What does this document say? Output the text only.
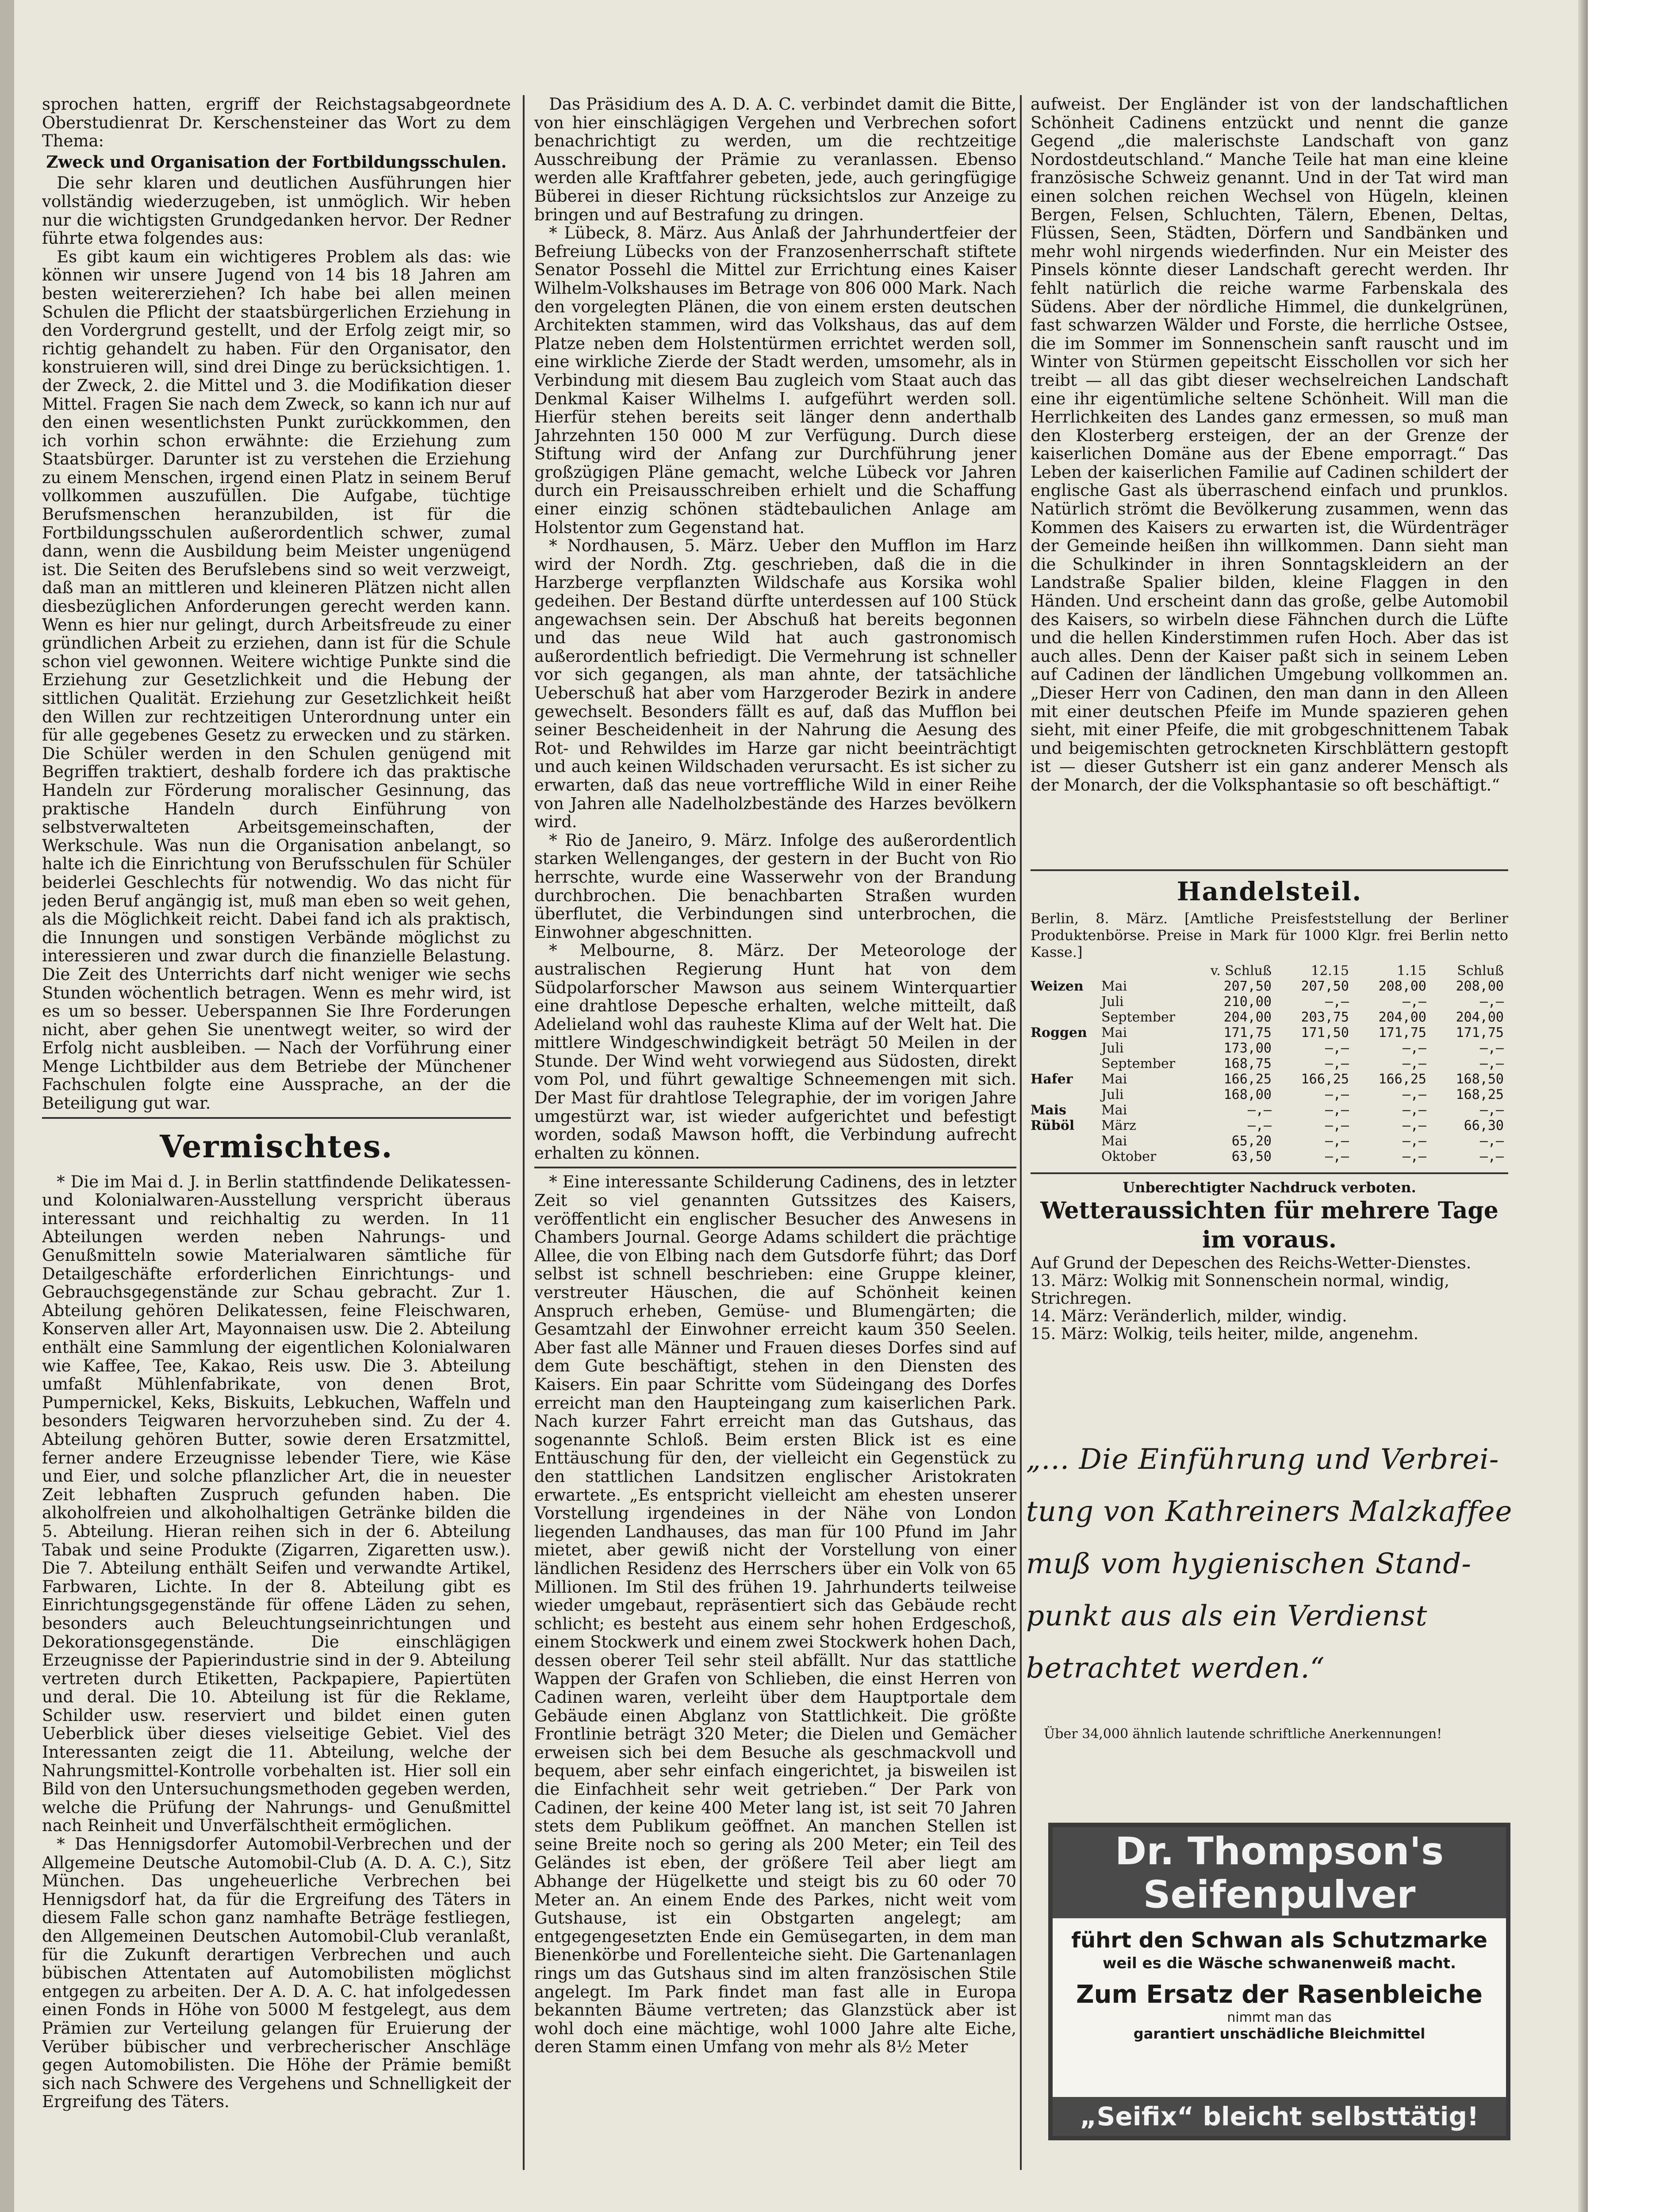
sprochen hatten, ergriff der Reichstagsabgeordnete Oberstudienrat Dr. Kerschensteiner das Wort zu dem Thema:

Zweck und Organisation der Fortbildungsschulen.

Die sehr klaren und deutlichen Ausführungen hier vollständig wiederzugeben, ist unmöglich. Wir heben nur die wichtigsten Grundgedanken hervor. Der Redner führte etwa folgendes aus:

Es gibt kaum ein wichtigeres Problem als das: wie können wir unsere Jugend von 14 bis 18 Jahren am besten weitererziehen? Ich habe bei allen meinen Schulen die Pflicht der staatsbürgerlichen Erziehung in den Vordergrund gestellt, und der Erfolg zeigt mir, so richtig gehandelt zu haben. Für den Organisator, den konstruieren will, sind drei Dinge zu berücksichtigen. 1. der Zweck, 2. die Mittel und 3. die Modifikation dieser Mittel. Fragen Sie nach dem Zweck, so kann ich nur auf den einen wesentlichsten Punkt zurückkommen, den ich vorhin schon erwähnte: die Erziehung zum Staatsbürger. Darunter ist zu verstehen die Erziehung zu einem Menschen, irgend einen Platz in seinem Beruf vollkommen auszufüllen. Die Aufgabe, tüchtige Berufsmenschen heranzubilden, ist für die Fortbildungsschulen außerordentlich schwer, zumal dann, wenn die Ausbildung beim Meister ungenügend ist. Die Seiten des Berufslebens sind so weit verzweigt, daß man an mittleren und kleineren Plätzen nicht allen diesbezüglichen Anforderungen gerecht werden kann. Wenn es hier nur gelingt, durch Arbeitsfreude zu einer gründlichen Arbeit zu erziehen, dann ist für die Schule schon viel gewonnen. Weitere wichtige Punkte sind die Erziehung zur Gesetzlichkeit und die Hebung der sittlichen Qualität. Erziehung zur Gesetzlichkeit heißt den Willen zur rechtzeitigen Unterordnung unter ein für alle gegebenes Gesetz zu erwecken und zu stärken. Die Schüler werden in den Schulen genügend mit Begriffen traktiert, deshalb fordere ich das praktische Handeln zur Förderung moralischer Gesinnung, das praktische Handeln durch Einführung von selbstverwalteten Arbeitsgemeinschaften, der Werkschule. Was nun die Organisation anbelangt, so halte ich die Einrichtung von Berufsschulen für Schüler beiderlei Geschlechts für notwendig. Wo das nicht für jeden Beruf angängig ist, muß man eben so weit gehen, als die Möglichkeit reicht. Dabei fand ich als praktisch, die Innungen und sonstigen Verbände möglichst zu interessieren und zwar durch die finanzielle Belastung. Die Zeit des Unterrichts darf nicht weniger wie sechs Stunden wöchentlich betragen. Wenn es mehr wird, ist es um so besser. Ueberspannen Sie Ihre Forderungen nicht, aber gehen Sie unentwegt weiter, so wird der Erfolg nicht ausbleiben. — Nach der Vorführung einer Menge Lichtbilder aus dem Betriebe der Münchener Fachschulen folgte eine Aussprache, an der die Beteiligung gut war.

Vermischtes.

* Die im Mai d. J. in Berlin stattfindende Delikatessen- und Kolonialwaren-Ausstellung verspricht überaus interessant und reichhaltig zu werden. In 11 Abteilungen werden neben Nahrungs- und Genußmitteln sowie Materialwaren sämtliche für Detailgeschäfte erforderlichen Einrichtungs- und Gebrauchsgegenstände zur Schau gebracht. Zur 1. Abteilung gehören Delikatessen, feine Fleischwaren, Konserven aller Art, Mayonnaisen usw. Die 2. Abteilung enthält eine Sammlung der eigentlichen Kolonialwaren wie Kaffee, Tee, Kakao, Reis usw. Die 3. Abteilung umfaßt Mühlenfabrikate, von denen Brot, Pumpernickel, Keks, Biskuits, Lebkuchen, Waffeln und besonders Teigwaren hervorzuheben sind. Zu der 4. Abteilung gehören Butter, sowie deren Ersatzmittel, ferner andere Erzeugnisse lebender Tiere, wie Käse und Eier, und solche pflanzlicher Art, die in neuester Zeit lebhaften Zuspruch gefunden haben. Die alkoholfreien und alkoholhaltigen Getränke bilden die 5. Abteilung. Hieran reihen sich in der 6. Abteilung Tabak und seine Produkte (Zigarren, Zigaretten usw.). Die 7. Abteilung enthält Seifen und verwandte Artikel, Farbwaren, Lichte. In der 8. Abteilung gibt es Einrichtungsgegenstände für offene Läden zu sehen, besonders auch Beleuchtungseinrichtungen und Dekorationsgegenstände. Die einschlägigen Erzeugnisse der Papierindustrie sind in der 9. Abteilung vertreten durch Etiketten, Packpapiere, Papiertüten und deral. Die 10. Abteilung ist für die Reklame, Schilder usw. reserviert und bildet einen guten Ueberblick über dieses vielseitige Gebiet. Viel des Interessanten zeigt die 11. Abteilung, welche der Nahrungsmittel-Kontrolle vorbehalten ist. Hier soll ein Bild von den Untersuchungsmethoden gegeben werden, welche die Prüfung der Nahrungs- und Genußmittel nach Reinheit und Unverfälschtheit ermöglichen.

* Das Hennigsdorfer Automobil-Verbrechen und der Allgemeine Deutsche Automobil-Club (A. D. A. C.), Sitz München. Das ungeheuerliche Verbrechen bei Hennigsdorf hat, da für die Ergreifung des Täters in diesem Falle schon ganz namhafte Beträge festliegen, den Allgemeinen Deutschen Automobil-Club veranlaßt, für die Zukunft derartigen Verbrechen und auch bübischen Attentaten auf Automobilisten möglichst entgegen zu arbeiten. Der A. D. A. C. hat infolgedessen einen Fonds in Höhe von 5000 M festgelegt, aus dem Prämien zur Verteilung gelangen für Eruierung der Verüber bübischer und verbrecherischer Anschläge gegen Automobilisten. Die Höhe der Prämie bemißt sich nach Schwere des Vergehens und Schnelligkeit der Ergreifung des Täters.

Das Präsidium des A. D. A. C. verbindet damit die Bitte, von hier einschlägigen Vergehen und Verbrechen sofort benachrichtigt zu werden, um die rechtzeitige Ausschreibung der Prämie zu veranlassen. Ebenso werden alle Kraftfahrer gebeten, jede, auch geringfügige Büberei in dieser Richtung rücksichtslos zur Anzeige zu bringen und auf Bestrafung zu dringen.

* Lübeck, 8. März. Aus Anlaß der Jahrhundertfeier der Befreiung Lübecks von der Franzosenherrschaft stiftete Senator Possehl die Mittel zur Errichtung eines Kaiser Wilhelm-Volkshauses im Betrage von 806 000 Mark. Nach den vorgelegten Plänen, die von einem ersten deutschen Architekten stammen, wird das Volkshaus, das auf dem Platze neben dem Holstentürmen errichtet werden soll, eine wirkliche Zierde der Stadt werden, umsomehr, als in Verbindung mit diesem Bau zugleich vom Staat auch das Denkmal Kaiser Wilhelms I. aufgeführt werden soll. Hierfür stehen bereits seit länger denn anderthalb Jahrzehnten 150 000 M zur Verfügung. Durch diese Stiftung wird der Anfang zur Durchführung jener großzügigen Pläne gemacht, welche Lübeck vor Jahren durch ein Preisausschreiben erhielt und die Schaffung einer einzig schönen städtebaulichen Anlage am Holstentor zum Gegenstand hat.

* Nordhausen, 5. März. Ueber den Mufflon im Harz wird der Nordh. Ztg. geschrieben, daß die in die Harzberge verpflanzten Wildschafe aus Korsika wohl gedeihen. Der Bestand dürfte unterdessen auf 100 Stück angewachsen sein. Der Abschuß hat bereits begonnen und das neue Wild hat auch gastronomisch außerordentlich befriedigt. Die Vermehrung ist schneller vor sich gegangen, als man ahnte, der tatsächliche Ueberschuß hat aber vom Harzgeroder Bezirk in andere gewechselt. Besonders fällt es auf, daß das Mufflon bei seiner Bescheidenheit in der Nahrung die Aesung des Rot- und Rehwildes im Harze gar nicht beeinträchtigt und auch keinen Wildschaden verursacht. Es ist sicher zu erwarten, daß das neue vortreffliche Wild in einer Reihe von Jahren alle Nadelholzbestände des Harzes bevölkern wird.

* Rio de Janeiro, 9. März. Infolge des außerordentlich starken Wellenganges, der gestern in der Bucht von Rio herrschte, wurde eine Wasserwehr von der Brandung durchbrochen. Die benachbarten Straßen wurden überflutet, die Verbindungen sind unterbrochen, die Einwohner abgeschnitten.

* Melbourne, 8. März. Der Meteorologe der australischen Regierung Hunt hat von dem Südpolarforscher Mawson aus seinem Winterquartier eine drahtlose Depesche erhalten, welche mitteilt, daß Adelieland wohl das rauheste Klima auf der Welt hat. Die mittlere Windgeschwindigkeit beträgt 50 Meilen in der Stunde. Der Wind weht vorwiegend aus Südosten, direkt vom Pol, und führt gewaltige Schneemengen mit sich. Der Mast für drahtlose Telegraphie, der im vorigen Jahre umgestürzt war, ist wieder aufgerichtet und befestigt worden, sodaß Mawson hofft, die Verbindung aufrecht erhalten zu können.

* Eine interessante Schilderung Cadinens, des in letzter Zeit so viel genannten Gutssitzes des Kaisers, veröffentlicht ein englischer Besucher des Anwesens in Chambers Journal. George Adams schildert die prächtige Allee, die von Elbing nach dem Gutsdorfe führt; das Dorf selbst ist schnell beschrieben: eine Gruppe kleiner, verstreuter Häuschen, die auf Schönheit keinen Anspruch erheben, Gemüse- und Blumengärten; die Gesamtzahl der Einwohner erreicht kaum 350 Seelen. Aber fast alle Männer und Frauen dieses Dorfes sind auf dem Gute beschäftigt, stehen in den Diensten des Kaisers. Ein paar Schritte vom Südeingang des Dorfes erreicht man den Haupteingang zum kaiserlichen Park. Nach kurzer Fahrt erreicht man das Gutshaus, das sogenannte Schloß. Beim ersten Blick ist es eine Enttäuschung für den, der vielleicht ein Gegenstück zu den stattlichen Landsitzen englischer Aristokraten erwartete. „Es entspricht vielleicht am ehesten unserer Vorstellung irgendeines in der Nähe von London liegenden Landhauses, das man für 100 Pfund im Jahr mietet, aber gewiß nicht der Vorstellung von einer ländlichen Residenz des Herrschers über ein Volk von 65 Millionen. Im Stil des frühen 19. Jahrhunderts teilweise wieder umgebaut, repräsentiert sich das Gebäude recht schlicht; es besteht aus einem sehr hohen Erdgeschoß, einem Stockwerk und einem zwei Stockwerk hohen Dach, dessen oberer Teil sehr steil abfällt. Nur das stattliche Wappen der Grafen von Schlieben, die einst Herren von Cadinen waren, verleiht über dem Hauptportale dem Gebäude einen Abglanz von Stattlichkeit. Die größte Frontlinie beträgt 320 Meter; die Dielen und Gemächer erweisen sich bei dem Besuche als geschmackvoll und bequem, aber sehr einfach eingerichtet, ja bisweilen ist die Einfachheit sehr weit getrieben.“ Der Park von Cadinen, der keine 400 Meter lang ist, ist seit 70 Jahren stets dem Publikum geöffnet. An manchen Stellen ist seine Breite noch so gering als 200 Meter; ein Teil des Geländes ist eben, der größere Teil aber liegt am Abhange der Hügelkette und steigt bis zu 60 oder 70 Meter an. An einem Ende des Parkes, nicht weit vom Gutshause, ist ein Obstgarten angelegt; am entgegengesetzten Ende ein Gemüsegarten, in dem man Bienenkörbe und Forellenteiche sieht. Die Gartenanlagen rings um das Gutshaus sind im alten französischen Stile angelegt. Im Park findet man fast alle in Europa bekannten Bäume vertreten; das Glanzstück aber ist wohl doch eine mächtige, wohl 1000 Jahre alte Eiche, deren Stamm einen Umfang von mehr als 8½ Meter

aufweist. Der Engländer ist von der landschaftlichen Schönheit Cadinens entzückt und nennt die ganze Gegend „die malerischste Landschaft von ganz Nordostdeutschland.“ Manche Teile hat man eine kleine französische Schweiz genannt. Und in der Tat wird man einen solchen reichen Wechsel von Hügeln, kleinen Bergen, Felsen, Schluchten, Tälern, Ebenen, Deltas, Flüssen, Seen, Städten, Dörfern und Sandbänken und mehr wohl nirgends wiederfinden. Nur ein Meister des Pinsels könnte dieser Landschaft gerecht werden. Ihr fehlt natürlich die reiche warme Farbenskala des Südens. Aber der nördliche Himmel, die dunkelgrünen, fast schwarzen Wälder und Forste, die herrliche Ostsee, die im Sommer im Sonnenschein sanft rauscht und im Winter von Stürmen gepeitscht Eisschollen vor sich her treibt — all das gibt dieser wechselreichen Landschaft eine ihr eigentümliche seltene Schönheit. Will man die Herrlichkeiten des Landes ganz ermessen, so muß man den Klosterberg ersteigen, der an der Grenze der kaiserlichen Domäne aus der Ebene emporragt.“ Das Leben der kaiserlichen Familie auf Cadinen schildert der englische Gast als überraschend einfach und prunklos. Natürlich strömt die Bevölkerung zusammen, wenn das Kommen des Kaisers zu erwarten ist, die Würdenträger der Gemeinde heißen ihn willkommen. Dann sieht man die Schulkinder in ihren Sonntagskleidern an der Landstraße Spalier bilden, kleine Flaggen in den Händen. Und erscheint dann das große, gelbe Automobil des Kaisers, so wirbeln diese Fähnchen durch die Lüfte und die hellen Kinderstimmen rufen Hoch. Aber das ist auch alles. Denn der Kaiser paßt sich in seinem Leben auf Cadinen der ländlichen Umgebung vollkommen an. „Dieser Herr von Cadinen, den man dann in den Alleen mit einer deutschen Pfeife im Munde spazieren gehen sieht, mit einer Pfeife, die mit grobgeschnittenem Tabak und beigemischten getrockneten Kirschblättern gestopft ist — dieser Gutsherr ist ein ganz anderer Mensch als der Monarch, der die Volksphantasie so oft beschäftigt.“

Handelsteil.

Berlin, 8. März. [Amtliche Preisfeststellung der Berliner Produktenbörse. Preise in Mark für 1000 Klgr. frei Berlin netto Kasse.]

v. Schluß	12.15	1.15	Schluß
Weizen	Mai	207,50	207,50	208,00	208,00
Juli	210,00	—,—	—,—	—,—
September	204,00	203,75	204,00	204,00
Roggen	Mai	171,75	171,50	171,75	171,75
Juli	173,00	—,—	—,—	—,—
September	168,75	—,—	—,—	—,—
Hafer	Mai	166,25	166,25	166,25	168,50
Juli	168,00	—,—	—,—	168,25
Mais	Mai	—,—	—,—	—,—	—,—
Rüböl	März	—,—	—,—	—,—	66,30
Mai	65,20	—,—	—,—	—,—
Oktober	63,50	—,—	—,—	—,—
Unberechtigter Nachdruck verboten.
Wetteraussichten für mehrere Tage im voraus.

Auf Grund der Depeschen des Reichs-Wetter-Dienstes.

13. März: Wolkig mit Sonnenschein normal, windig, Strichregen.

14. März: Veränderlich, milder, windig.

15. März: Wolkig, teils heiter, milde, angenehm.

„... Die Einführung und Verbrei-
tung von Kathreiners Malzkaffee
muß vom hygienischen Stand-
punkt aus als ein Verdienst
betrachtet werden.“
Über 34,000 ähnlich lautende schriftliche Anerkennungen!
Dr. Thompson's
Seifenpulver
führt den Schwan als Schutzmarke
weil es die Wäsche schwanenweiß macht.
Zum Ersatz der Rasenbleiche
nimmt man das
garantiert unschädliche Bleichmittel
„Seifix“ bleicht selbsttätig!
